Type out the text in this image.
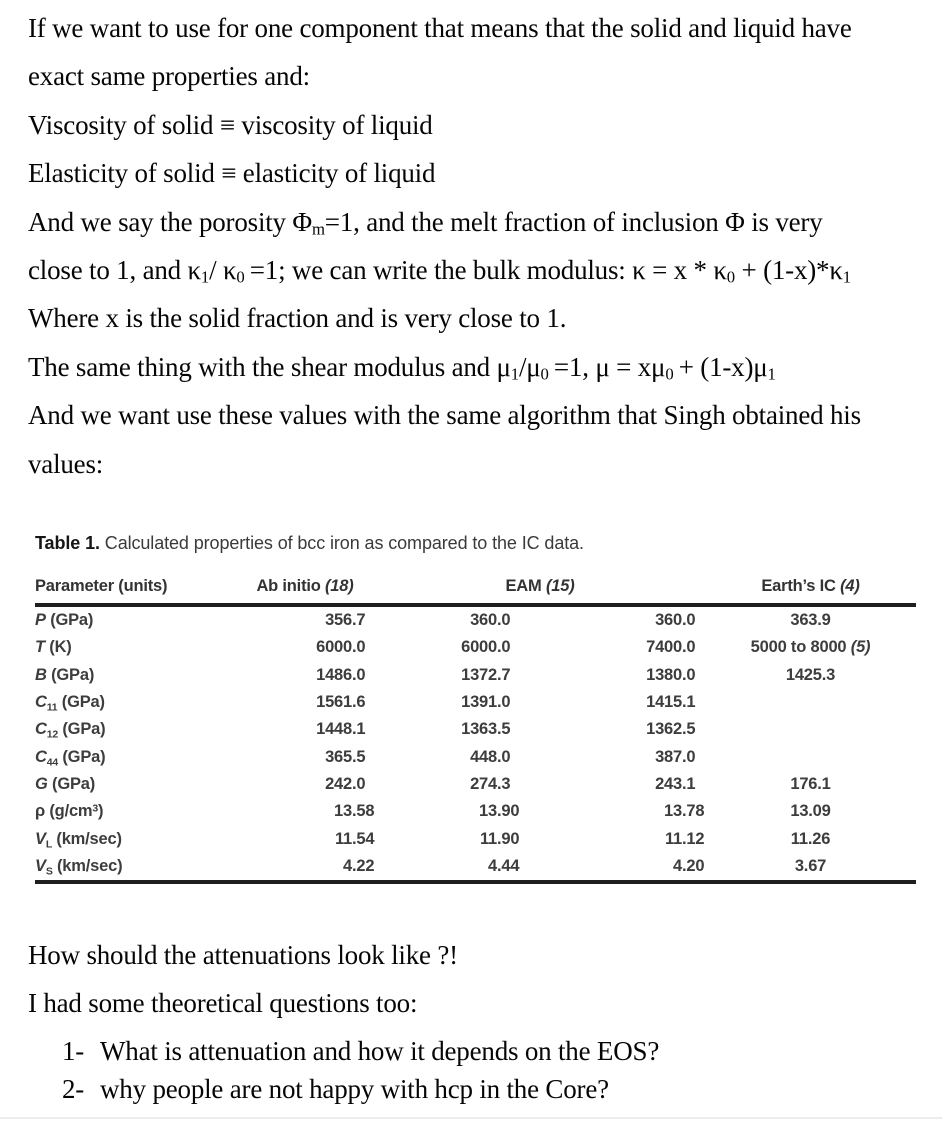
If we want to use for one component that means that the solid and liquid have
exact same properties and:
Viscosity of solid ≡ viscosity of liquid
Elasticity of solid ≡ elasticity of liquid
And we say the porosity $\Phi_m=1$, and the melt fraction of inclusion Φ is very
close to 1, and $\kappa_1/$ $\kappa_0 =1$; we can write the bulk modulus: $\kappa = x * \kappa_0 + (1-x)*\kappa_1$
Where x is the solid fraction and is very close to 1.
The same thing with the shear modulus and $\mu_1/\mu_0 =1$, $\mu = x\mu_0 + (1-x)\mu_1$
And we want use these values with the same algorithm that Singh obtained his
values:
Table 1. Calculated properties of bcc iron as compared to the IC data.
Parameter (units)	Ab initio (18)	EAM (15)		Earth’s IC (4)
P (GPa)	356.7	360.0	360.0	363.9
T (K)	6000.0	6000.0	7400.0	5000 to 8000 (5)
B (GPa)	1486.0	1372.7	1380.0	1425.3
$C_{11}$ (GPa)	1561.6	1391.0	1415.1	
$C_{12}$ (GPa)	1448.1	1363.5	1362.5	
$C_{44}$ (GPa)	365.5	448.0	387.0	
G (GPa)	242.0	274.3	243.1	176.1
ρ $(g/cm^3)$	13.58	13.90	13.78	13.09
$V_L$ (km/sec)	11.54	11.90	11.12	11.26
$V_S$ (km/sec)	4.22	4.44	4.20	3.67
How should the attenuations look like ?!
I had some theoretical questions too:
1- What is attenuation and how it depends on the EOS?
2- why people are not happy with hcp in the Core?
